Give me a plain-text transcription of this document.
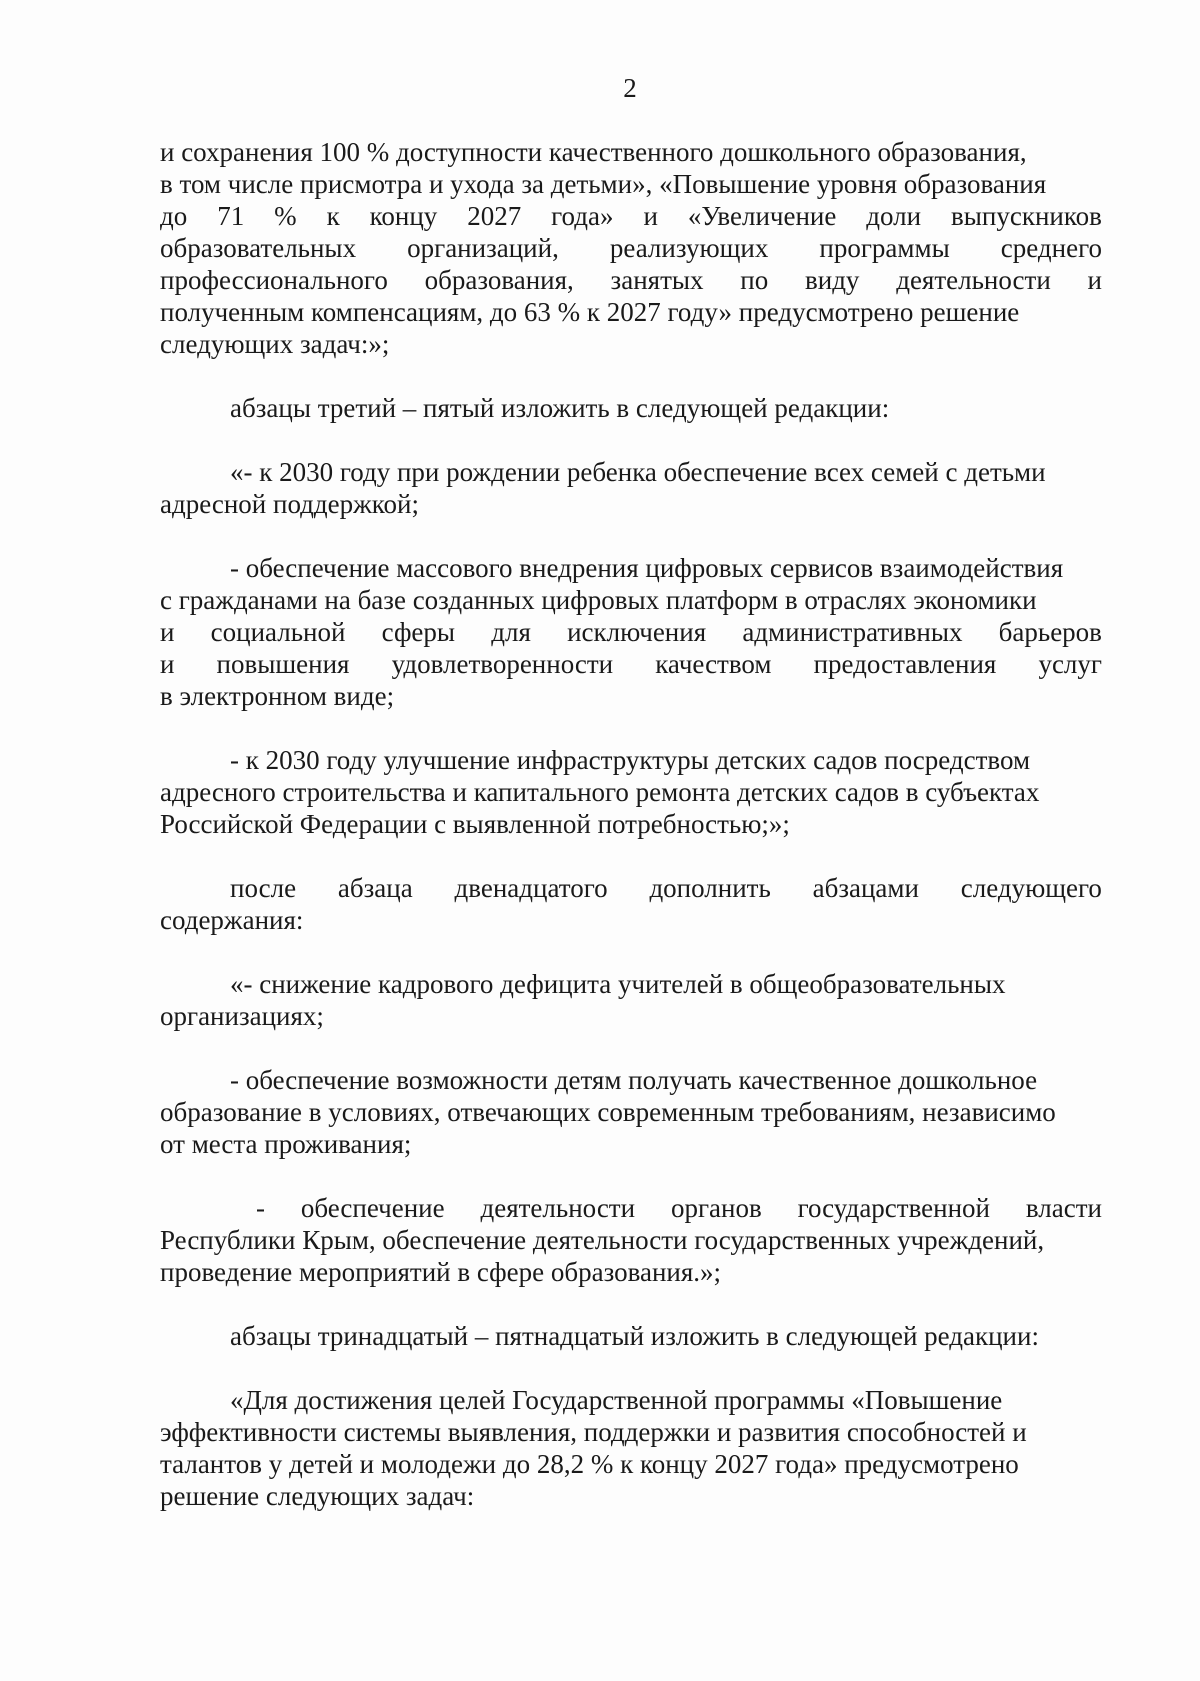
2
и сохранения 100 % доступности качественного дошкольного образования,
в том числе присмотра и ухода за детьми», «Повышение уровня образования
до 71 % к концу 2027 года» и «Увеличение доли выпускников
образовательных организаций, реализующих программы среднего
профессионального образования, занятых по виду деятельности и
полученным компенсациям, до 63 % к 2027 году» предусмотрено решение
следующих задач:»;
абзацы третий – пятый изложить в следующей редакции:
«- к 2030 году при рождении ребенка обеспечение всех семей с детьми
адресной поддержкой;
- обеспечение массового внедрения цифровых сервисов взаимодействия
с гражданами на базе созданных цифровых платформ в отраслях экономики
и социальной сферы для исключения административных барьеров
и повышения удовлетворенности качеством предоставления услуг
в электронном виде;
- к 2030 году улучшение инфраструктуры детских садов посредством
адресного строительства и капитального ремонта детских садов в субъектах
Российской Федерации с выявленной потребностью;»;
после абзаца двенадцатого дополнить абзацами следующего
содержания:
«- снижение кадрового дефицита учителей в общеобразовательных
организациях;
- обеспечение возможности детям получать качественное дошкольное
образование в условиях, отвечающих современным требованиям, независимо
от места проживания;
- обеспечение деятельности органов государственной власти
Республики Крым, обеспечение деятельности государственных учреждений,
проведение мероприятий в сфере образования.»;
абзацы тринадцатый – пятнадцатый изложить в следующей редакции:
«Для достижения целей Государственной программы «Повышение
эффективности системы выявления, поддержки и развития способностей и
талантов у детей и молодежи до 28,2 % к концу 2027 года» предусмотрено
решение следующих задач:
